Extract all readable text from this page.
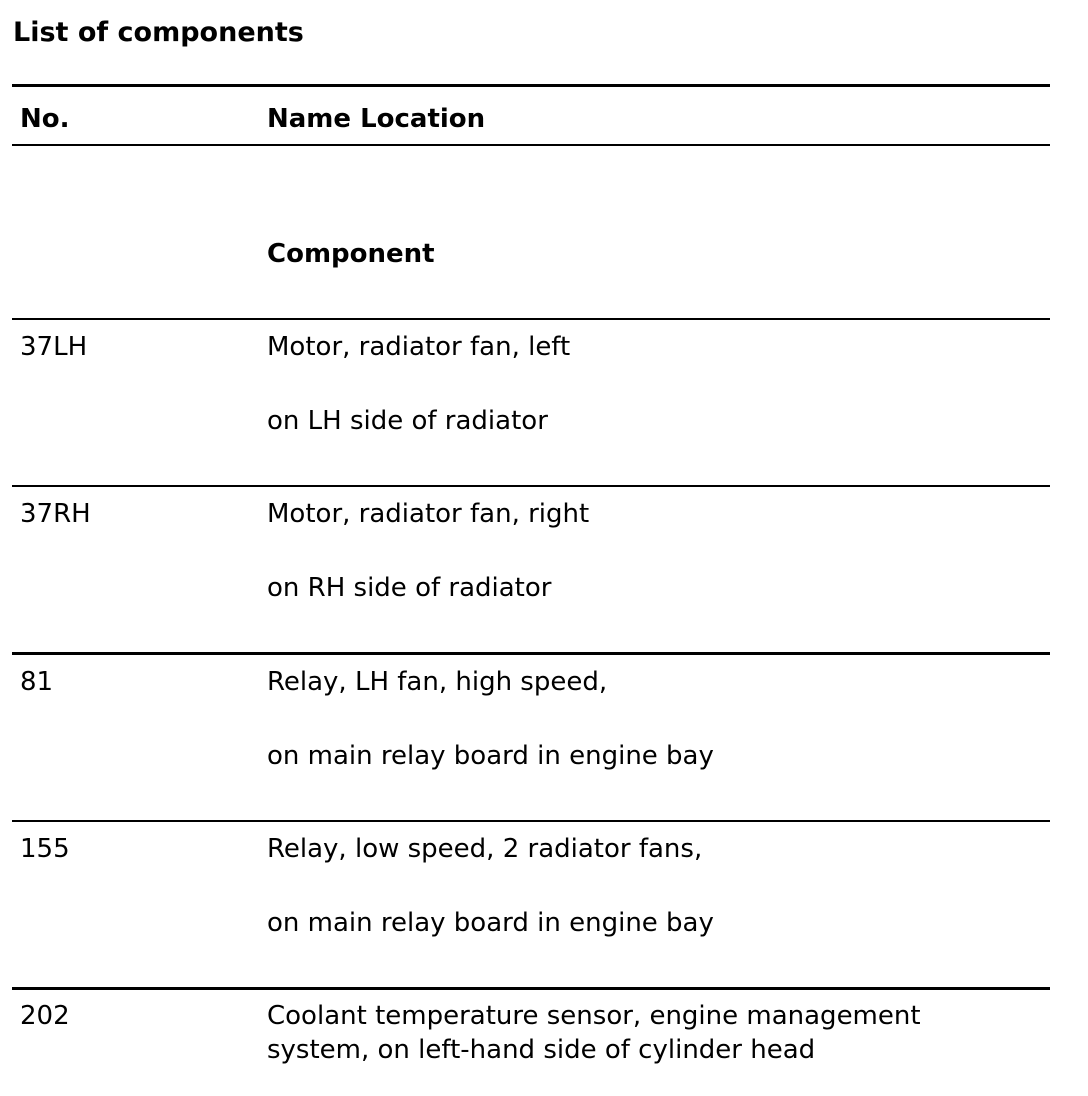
List of components
No.	Name Location
Component
37LH	Motor, radiator fan, left
on LH side of radiator
37RH	Motor, radiator fan, right
on RH side of radiator
81	Relay, LH fan, high speed,
on main relay board in engine bay
155	Relay, low speed, 2 radiator fans,
on main relay board in engine bay
202	Coolant temperature sensor, engine management system, on left-hand side of cylinder head
